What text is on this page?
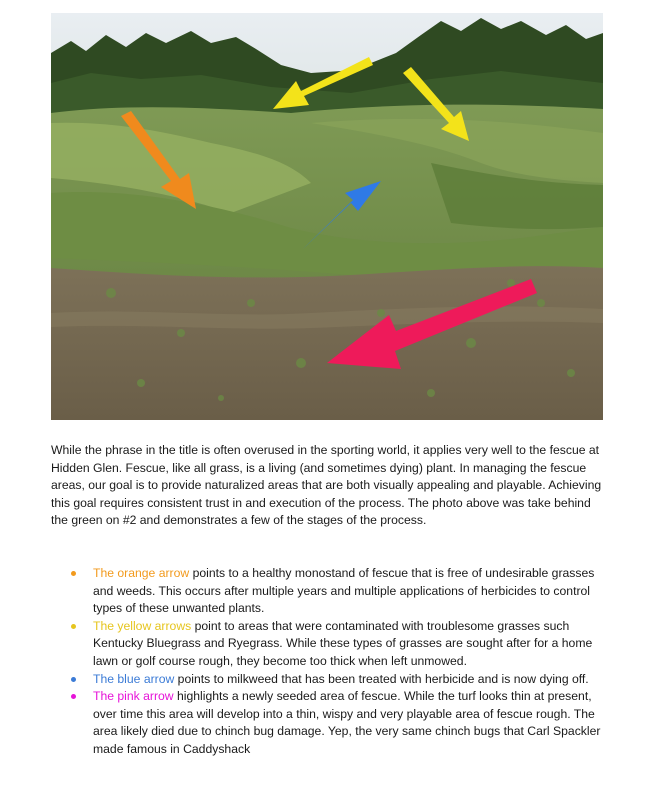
While the phrase in the title is often overused in the sporting world, it applies very well to the fescue at Hidden Glen. Fescue, like all grass, is a living (and sometimes dying) plant. In managing the fescue areas, our goal is to provide naturalized areas that are both visually appealing and playable. Achieving this goal requires consistent trust in and execution of the process. The photo above was take behind the green on #2 and demonstrates a few of the stages of the process.

The orange arrow points to a healthy monostand of fescue that is free of undesirable grasses and weeds. This occurs after multiple years and multiple applications of herbicides to control types of these unwanted plants.
The yellow arrows point to areas that were contaminated with troublesome grasses such Kentucky Bluegrass and Ryegrass. While these types of grasses are sought after for a home lawn or golf course rough, they become too thick when left unmowed.
The blue arrow points to milkweed that has been treated with herbicide and is now dying off.
The pink arrow highlights a newly seeded area of fescue. While the turf looks thin at present, over time this area will develop into a thin, wispy and very playable area of fescue rough. The area likely died due to chinch bug damage. Yep, the very same chinch bugs that Carl Spackler made famous in Caddyshack
